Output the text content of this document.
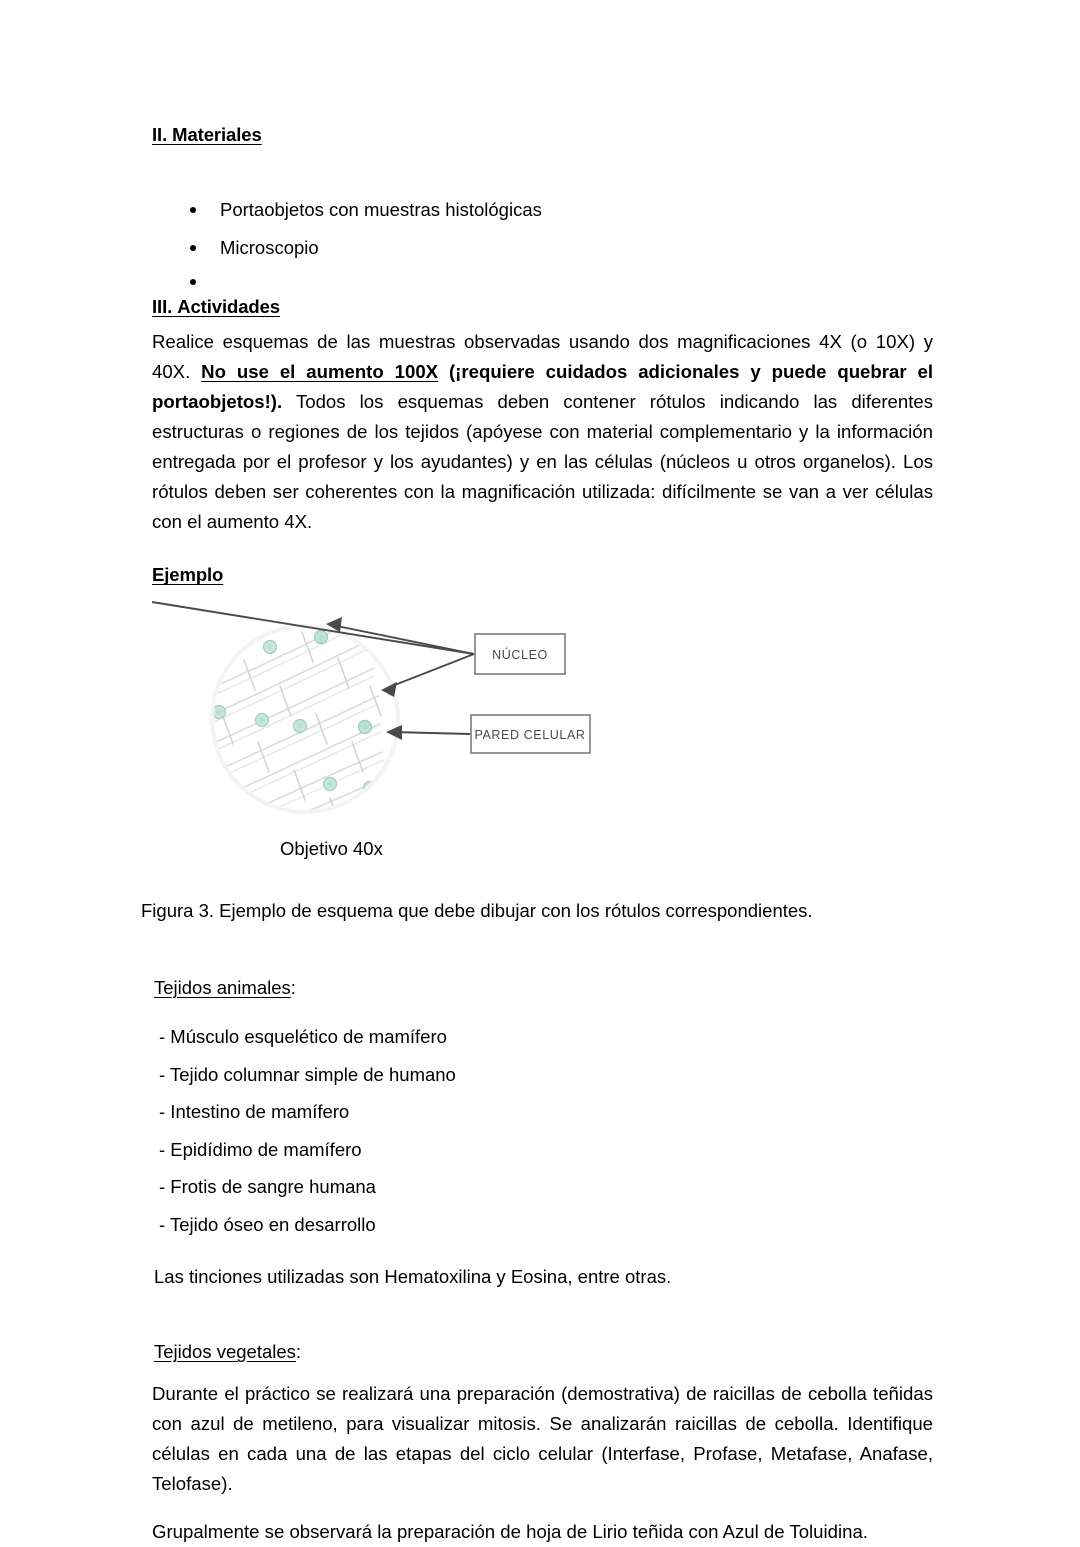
II. Materiales
Portaobjetos con muestras histológicas
Microscopio
III. Actividades

Realice esquemas de las muestras observadas usando dos magnificaciones 4X (o 10X) y 40X. No use el aumento 100X (¡requiere cuidados adicionales y puede quebrar el portaobjetos!). Todos los esquemas deben contener rótulos indicando las diferentes estructuras o regiones de los tejidos (apóyese con material complementario y la información entregada por el profesor y los ayudantes) y en las células (núcleos u otros organelos). Los rótulos deben ser coherentes con la magnificación utilizada: difícilmente se van a ver células con el aumento 4X.

Ejemplo
NÚCLEO
PARED CELULAR
Objetivo 40x
Figura 3. Ejemplo de esquema que debe dibujar con los rótulos correspondientes.
Tejidos animales:
- Músculo esquelético de mamífero
- Tejido columnar simple de humano
- Intestino de mamífero
- Epidídimo de mamífero
- Frotis de sangre humana
- Tejido óseo en desarrollo
Las tinciones utilizadas son Hematoxilina y Eosina, entre otras.
Tejidos vegetales:

Durante el práctico se realizará una preparación (demostrativa) de raicillas de cebolla teñidas con azul de metileno, para visualizar mitosis. Se analizarán raicillas de cebolla. Identifique células en cada una de las etapas del ciclo celular (Interfase, Profase, Metafase, Anafase, Telofase).

Grupalmente se observará la preparación de hoja de Lirio teñida con Azul de Toluidina.
